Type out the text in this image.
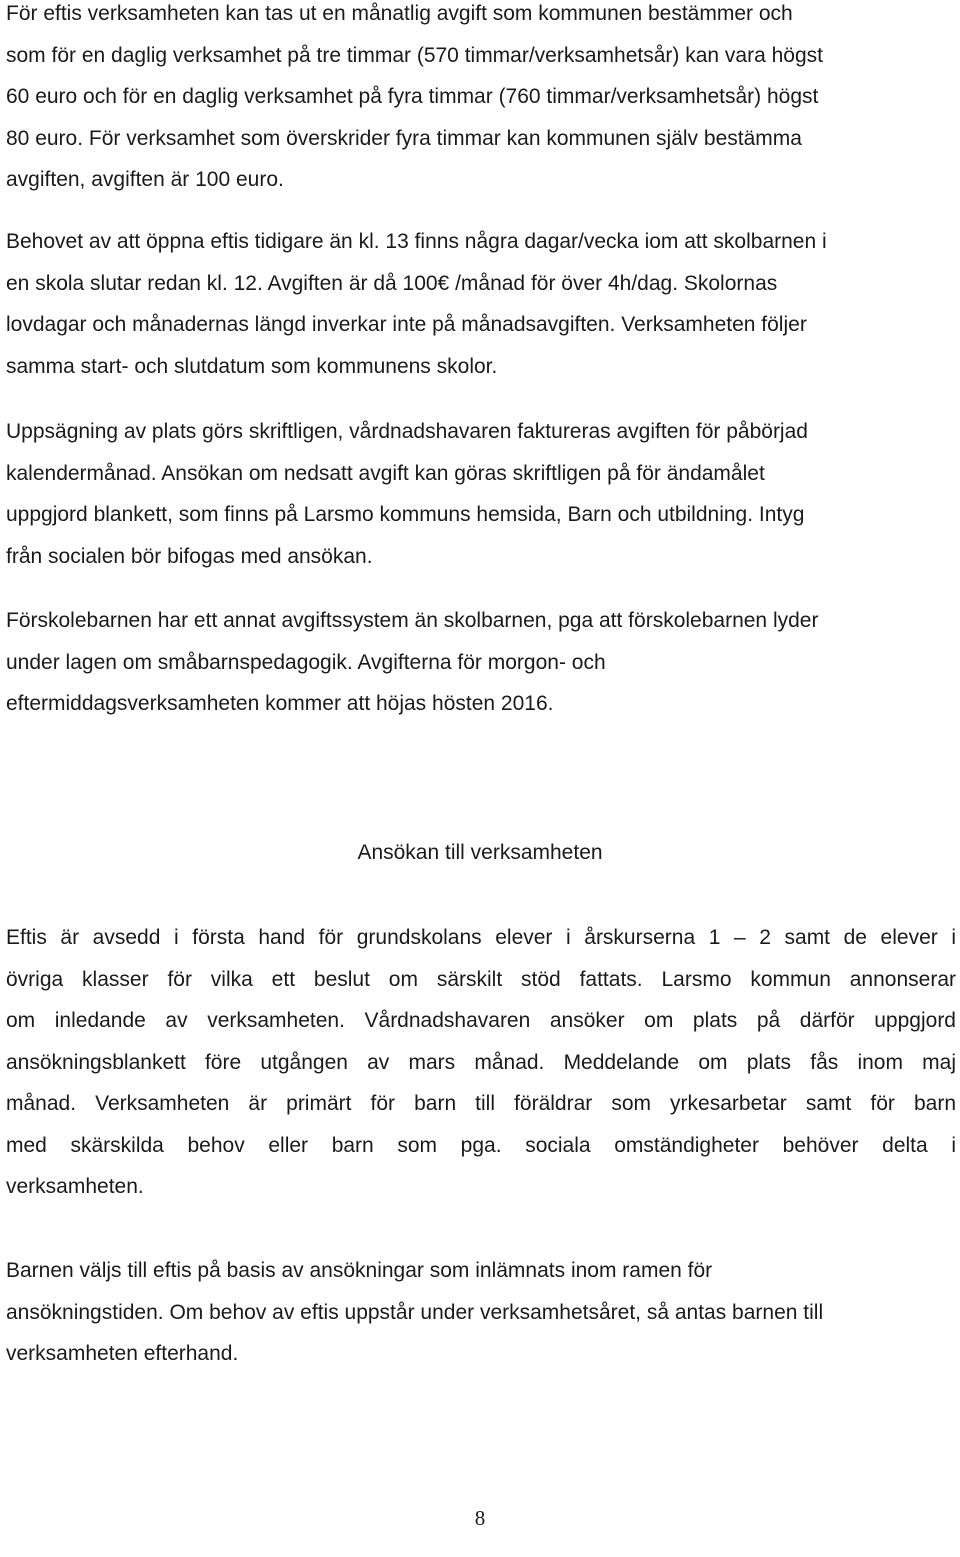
För eftis verksamheten kan tas ut en månatlig avgift som kommunen bestämmer och
som för en daglig verksamhet på tre timmar (570 timmar/verksamhetsår) kan vara högst
60 euro och för en daglig verksamhet på fyra timmar (760 timmar/verksamhetsår) högst
80 euro. För verksamhet som överskrider fyra timmar kan kommunen själv bestämma
avgiften, avgiften är 100 euro.

Behovet av att öppna eftis tidigare än kl. 13 finns några dagar/vecka iom att skolbarnen i
en skola slutar redan kl. 12. Avgiften är då 100€ /månad för över 4h/dag. Skolornas
lovdagar och månadernas längd inverkar inte på månadsavgiften. Verksamheten följer
samma start- och slutdatum som kommunens skolor.

Uppsägning av plats görs skriftligen, vårdnadshavaren faktureras avgiften för påbörjad
kalendermånad. Ansökan om nedsatt avgift kan göras skriftligen på för ändamålet
uppgjord blankett, som finns på Larsmo kommuns hemsida, Barn och utbildning. Intyg
från socialen bör bifogas med ansökan.

Förskolebarnen har ett annat avgiftssystem än skolbarnen, pga att förskolebarnen lyder
under lagen om småbarnspedagogik. Avgifterna för morgon- och
eftermiddagsverksamheten kommer att höjas hösten 2016.

Ansökan till verksamheten

Eftis är avsedd i första hand för grundskolans elever i årskurserna 1 – 2 samt de elever i
övriga klasser för vilka ett beslut om särskilt stöd fattats. Larsmo kommun annonserar
om inledande av verksamheten. Vårdnadshavaren ansöker om plats på därför uppgjord
ansökningsblankett före utgången av mars månad. Meddelande om plats fås inom maj
månad. Verksamheten är primärt för barn till föräldrar som yrkesarbetar samt för barn
med skärskilda behov eller barn som pga. sociala omständigheter behöver delta i
verksamheten.

Barnen väljs till eftis på basis av ansökningar som inlämnats inom ramen för
ansökningstiden. Om behov av eftis uppstår under verksamhetsåret, så antas barnen till
verksamheten efterhand.

8
